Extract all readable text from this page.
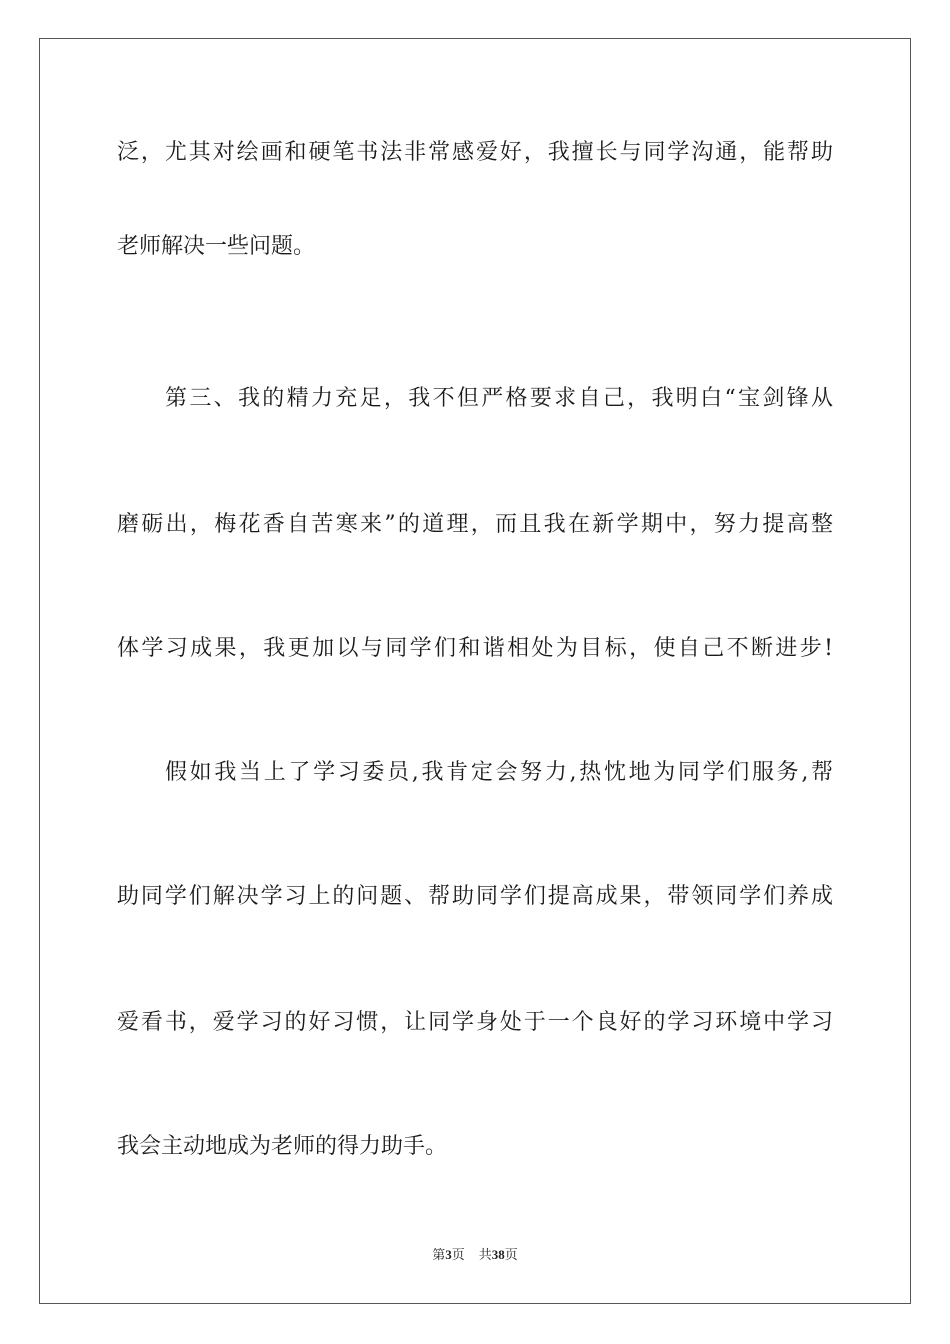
泛，尤其对绘画和硬笔书法非常感爱好，我擅长与同学沟通，能帮助
老师解决一些问题。
第三、我的精力充足，我不但严格要求自己，我明白“宝剑锋从
磨砺出，梅花香自苦寒来”的道理，而且我在新学期中，努力提高整
体学习成果，我更加以与同学们和谐相处为目标，使自己不断进步!
假如我当上了学习委员,我肯定会努力,热忱地为同学们服务,帮
助同学们解决学习上的问题、帮助同学们提高成果，带领同学们养成
爱看书，爱学习的好习惯，让同学身处于一个良好的学习环境中学习
我会主动地成为老师的得力助手。
第3页 共38页
